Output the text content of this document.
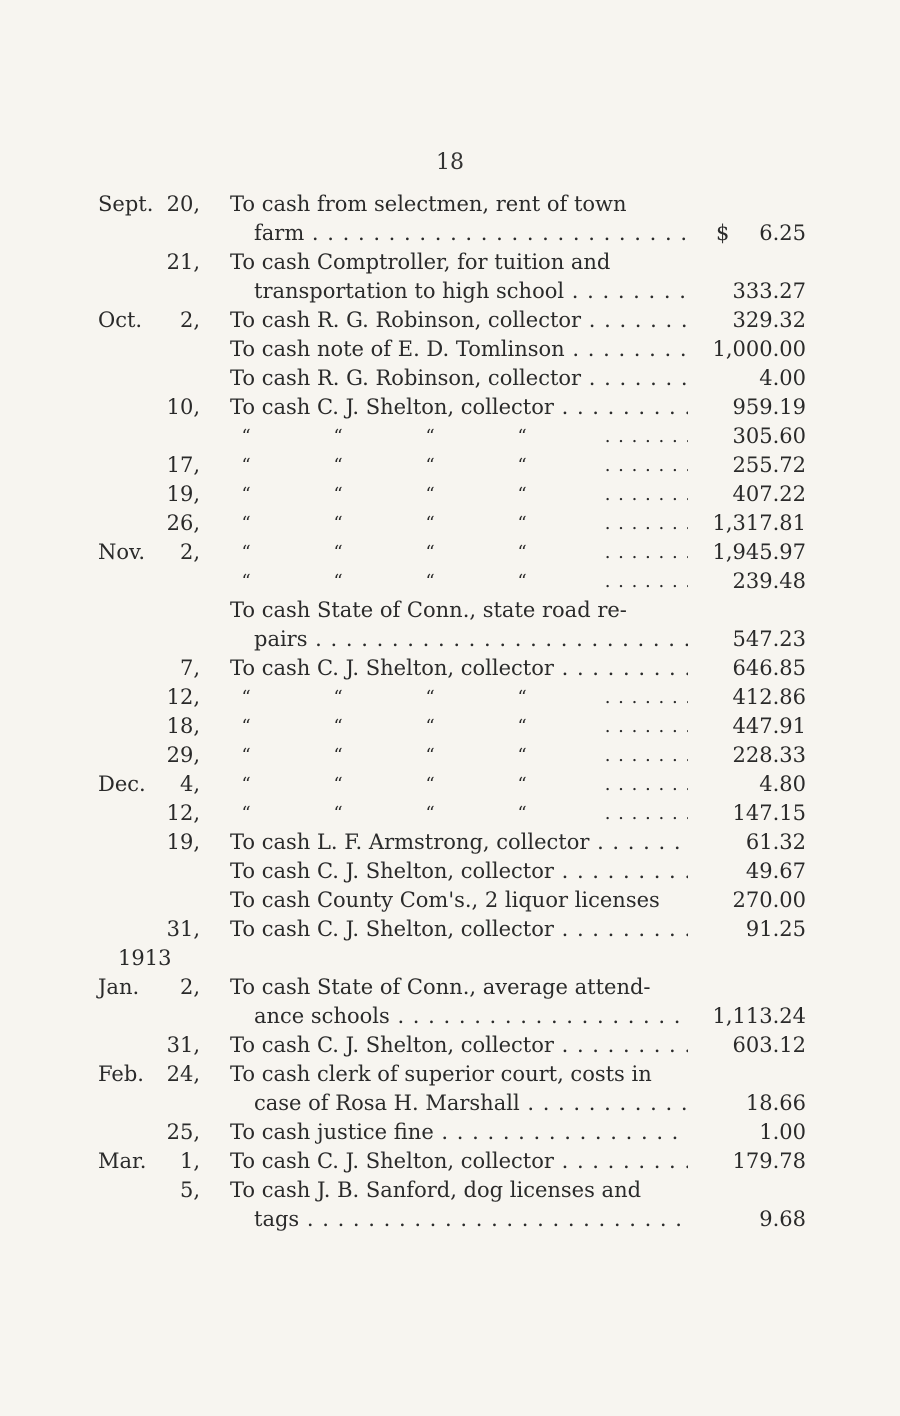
18
Sept. 20, To cash from selectmen, rent of town
farm . . .	$	6.25
21, To cash Comptroller, for tuition and
transportation to high school . . .	333.27
Oct.	2, To cash R. G. Robinson, collector . . .	329.32
To cash note of E. D. Tomlinson . . .	1,000.00
To cash R. G. Robinson, collector . . .	4.00
10, To cash C. J. Shelton, collector . . .	959.19
“	“	“	“ . . .	305.60
17, “	“	“	“ . . .	255.72
19, “	“	“	“ . . .	407.22
26, “	“	“	“ . . .	1,317.81
Nov.	2, “	“	“	“ . . .	1,945.97
“	“	“	“ . . .	239.48
To cash State of Conn., state road re-
pairs . . .	547.23
7, To cash C. J. Shelton, collector . . .	646.85
12, “	“	“	“ . . .	412.86
18, “	“	“	“ . . .	447.91
29, “	“	“	“ . . .	228.33
Dec.	4, “	“	“	“ . . .	4.80
12, “	“	“	“ . . .	147.15
19, To cash L. F. Armstrong, collector . . .	61.32
To cash C. J. Shelton, collector . . .	49.67
To cash County Com's., 2 liquor licenses	270.00
31, To cash C. J. Shelton, collector . . .	91.25
1913
Jan.	2, To cash State of Conn., average attend-
ance schools . . .	1,113.24
31, To cash C. J. Shelton, collector . . .	603.12
Feb.	24, To cash clerk of superior court, costs in
case of Rosa H. Marshall . . .	18.66
25, To cash justice fine . . .	1.00
Mar.	1, To cash C. J. Shelton, collector . . .	179.78
5, To cash J. B. Sanford, dog licenses and
tags . . .	9.68
